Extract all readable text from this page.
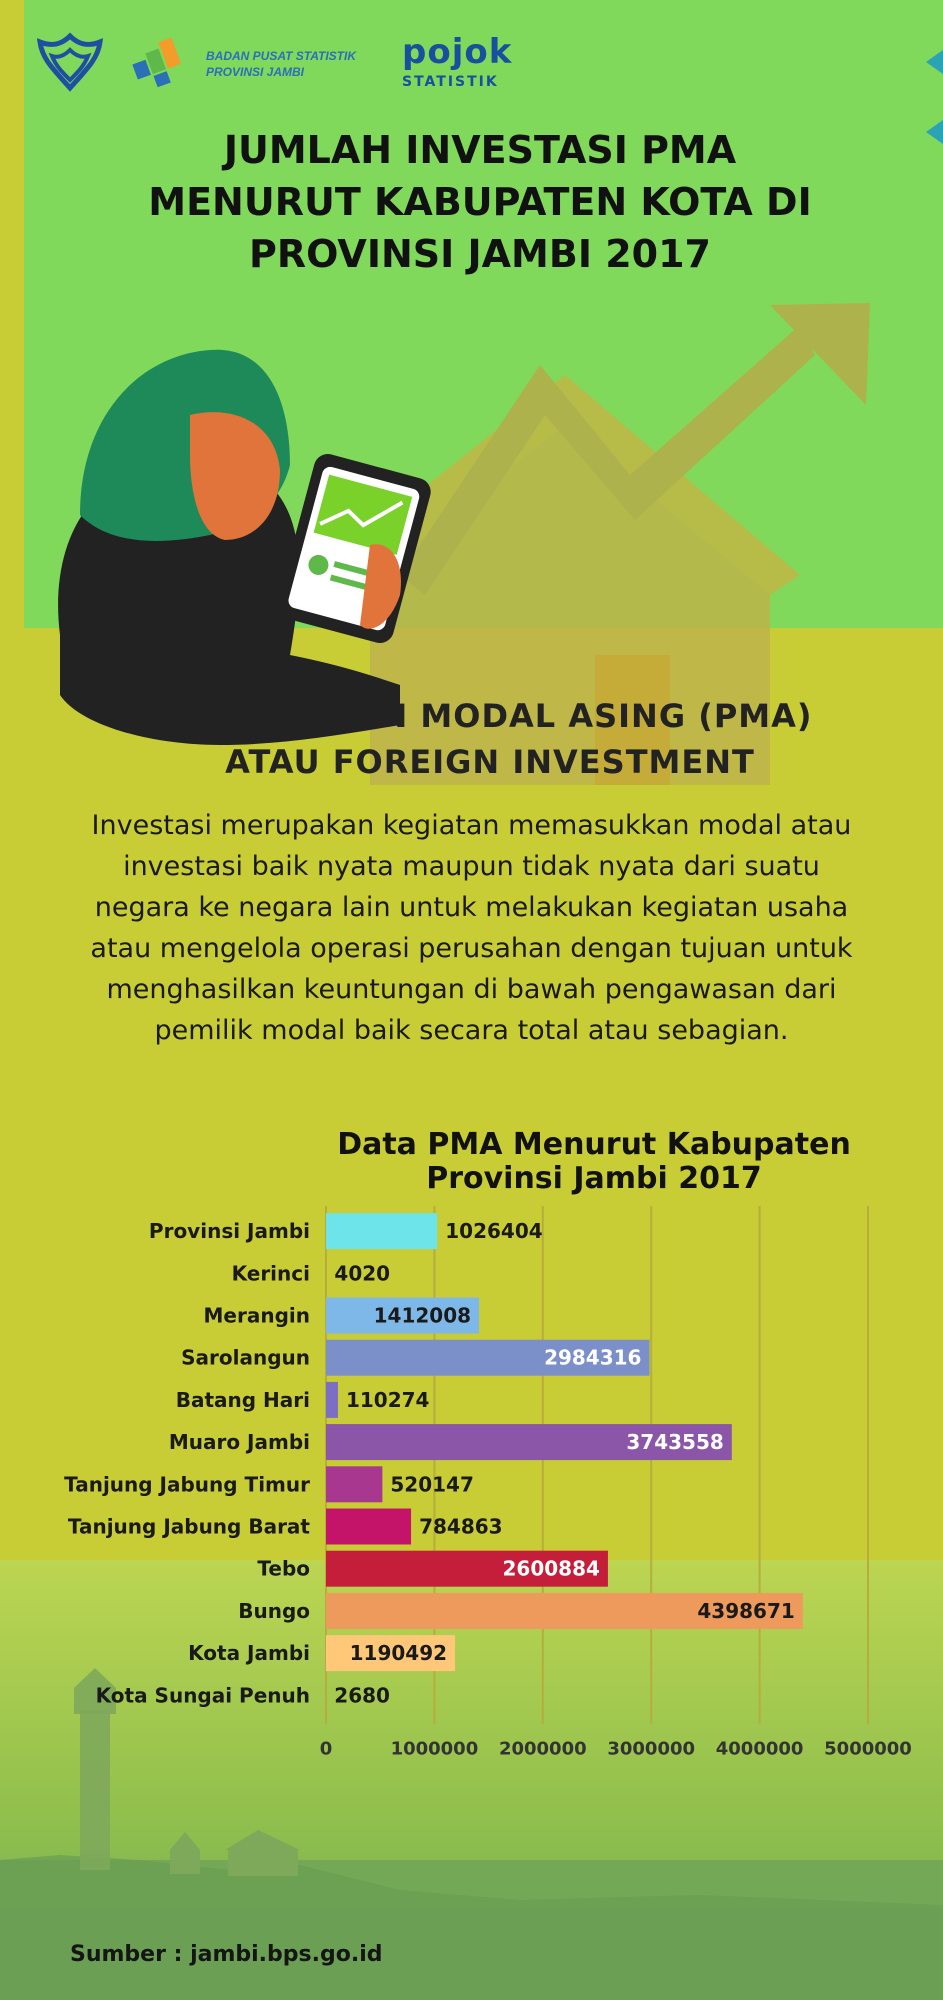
BADAN PUSAT STATISTIK
PROVINSI JAMBI	pojok
STATISTIK
JUMLAH INVESTASI PMA
MENURUT KABUPATEN KOTA DI
PROVINSI JAMBI 2017
PENANAMAN MODAL ASING (PMA)
ATAU FOREIGN INVESTMENT
Investasi merupakan kegiatan memasukkan modal atau
investasi baik nyata maupun tidak nyata dari suatu
negara ke negara lain untuk melakukan kegiatan usaha
atau mengelola operasi perusahan dengan tujuan untuk
menghasilkan keuntungan di bawah pengawasan dari
pemilik modal baik secara total atau sebagian.
Data PMA Menurut Kabupaten
Provinsi Jambi 2017
0	1000000 2000000 3000000 4000000 5000000
Provinsi Jambi	1026404
Kerinci 4020
Merangin	1412008
Sarolangun	2984316
Batang Hari 110274
Muaro Jambi	3743558
Tanjung Jabung Timur	520147
Tanjung Jabung Barat	784863
Tebo	2600884
Bungo	4398671
Kota Jambi 1190492
Kota Sungai Penuh 2680
Sumber : jambi.bps.go.id
